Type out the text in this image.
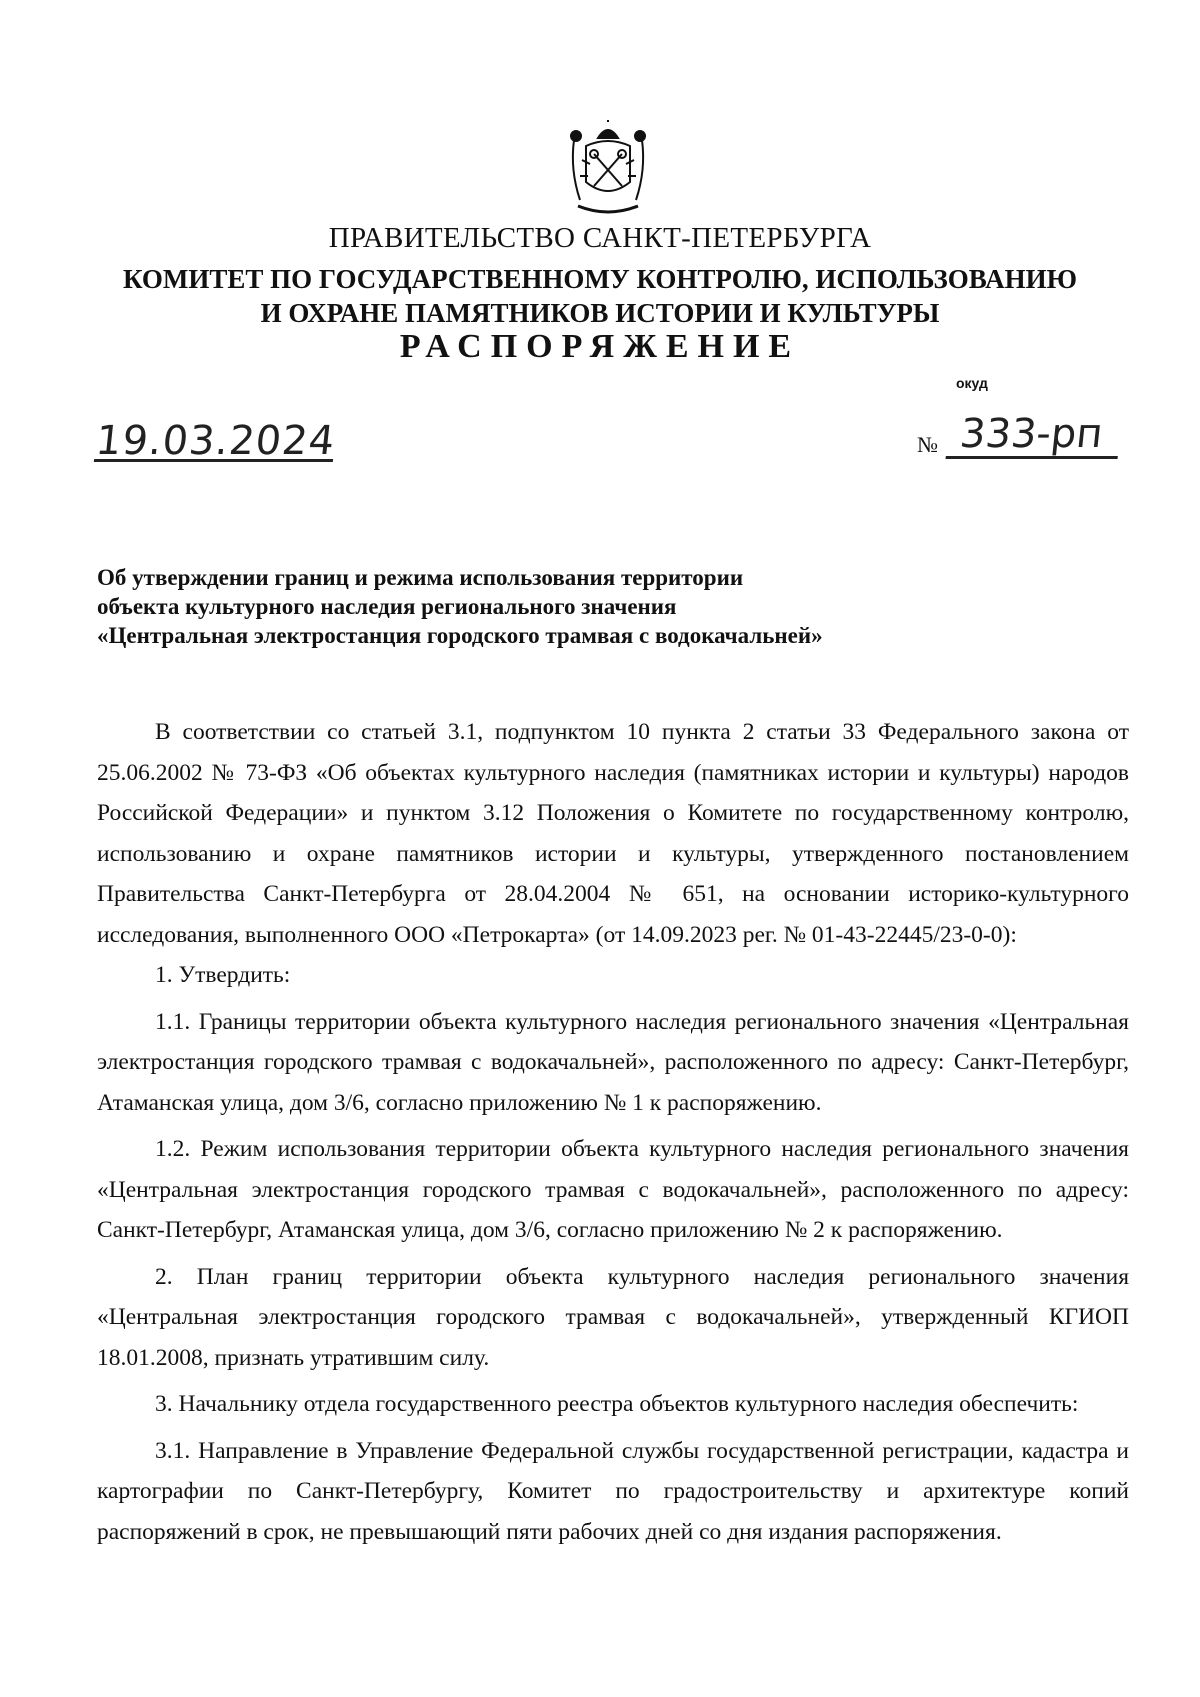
ПРАВИТЕЛЬСТВО САНКТ-ПЕТЕРБУРГА
КОМИТЕТ ПО ГОСУДАРСТВЕННОМУ КОНТРОЛЮ, ИСПОЛЬЗОВАНИЮ
И ОХРАНЕ ПАМЯТНИКОВ ИСТОРИИ И КУЛЬТУРЫ
РАСПОРЯЖЕНИЕ
окуд
19.03.2024	№ 333-рп
Об утверждении границ и режима использования территории
объекта культурного наследия регионального значения
«Центральная электростанция городского трамвая с водокачальней»

В соответствии со статьей 3.1, подпунктом 10 пункта 2 статьи 33 Федерального закона от 25.06.2002 № 73-ФЗ «Об объектах культурного наследия (памятниках истории и культуры) народов Российской Федерации» и пунктом 3.12 Положения о Комитете по государственному контролю, использованию и охране памятников истории и культуры, утвержденного постановлением Правительства Санкт-Петербурга от 28.04.2004 № 651, на основании историко-культурного исследования, выполненного ООО «Петрокарта» (от 14.09.2023 рег. № 01-43-22445/23-0-0):

1. Утвердить:

1.1. Границы территории объекта культурного наследия регионального значения «Центральная электростанция городского трамвая с водокачальней», расположенного по адресу: Санкт-Петербург, Атаманская улица, дом 3/6, согласно приложению № 1 к распоряжению.

1.2. Режим использования территории объекта культурного наследия регионального значения «Центральная электростанция городского трамвая с водокачальней», расположенного по адресу: Санкт-Петербург, Атаманская улица, дом 3/6, согласно приложению № 2 к распоряжению.

2. План границ территории объекта культурного наследия регионального значения «Центральная электростанция городского трамвая с водокачальней», утвержденный КГИОП 18.01.2008, признать утратившим силу.

3. Начальнику отдела государственного реестра объектов культурного наследия обеспечить:

3.1. Направление в Управление Федеральной службы государственной регистрации, кадастра и картографии по Санкт-Петербургу, Комитет по градостроительству и архитектуре копий распоряжений в срок, не превышающий пяти рабочих дней со дня издания распоряжения.
